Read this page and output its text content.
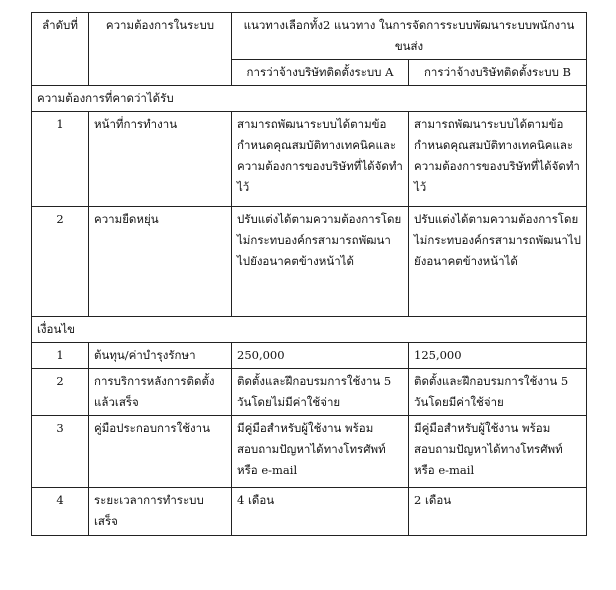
ลำดับที่	ความต้องการในระบบ	แนวทางเลือกทั้ง2 แนวทาง ในการจัดการระบบพัฒนาระบบพนักงานขนส่ง	
		การว่าจ้างบริษัทติดตั้งระบบ A	การว่าจ้างบริษัทติดตั้งระบบ B
ความต้องการที่คาดว่าได้รับ			
1	หน้าที่การทำงาน	สามารถพัฒนาระบบได้ตามข้อกำหนดคุณสมบัติทางเทคนิคและความต้องการของบริษัทที่ได้จัดทำไว้	สามารถพัฒนาระบบได้ตามข้อกำหนดคุณสมบัติทางเทคนิคและความต้องการของบริษัทที่ได้จัดทำไว้
2	ความยืดหยุ่น	ปรับแต่งได้ตามความต้องการโดยไม่กระทบองค์กรสามารถพัฒนาไปยังอนาคตข้างหน้าได้	ปรับแต่งได้ตามความต้องการโดยไม่กระทบองค์กรสามารถพัฒนาไปยังอนาคตข้างหน้าได้
เงื่อนไข			
1	ต้นทุน/ค่าบำรุงรักษา	250,000	125,000
2	การบริการหลังการติดตั้งแล้วเสร็จ	ติดตั้งและฝึกอบรมการใช้งาน 5 วันโดยไม่มีค่าใช้จ่าย	ติดตั้งและฝึกอบรมการใช้งาน 5 วันโดยมีค่าใช้จ่าย
3	คู่มือประกอบการใช้งาน	มีคู่มือสำหรับผู้ใช้งาน พร้อมสอบถามปัญหาได้ทางโทรศัพท์หรือ e-mail	มีคู่มือสำหรับผู้ใช้งาน พร้อมสอบถามปัญหาได้ทางโทรศัพท์หรือ e-mail
4	ระยะเวลาการทำระบบเสร็จ	4 เดือน	2 เดือน
